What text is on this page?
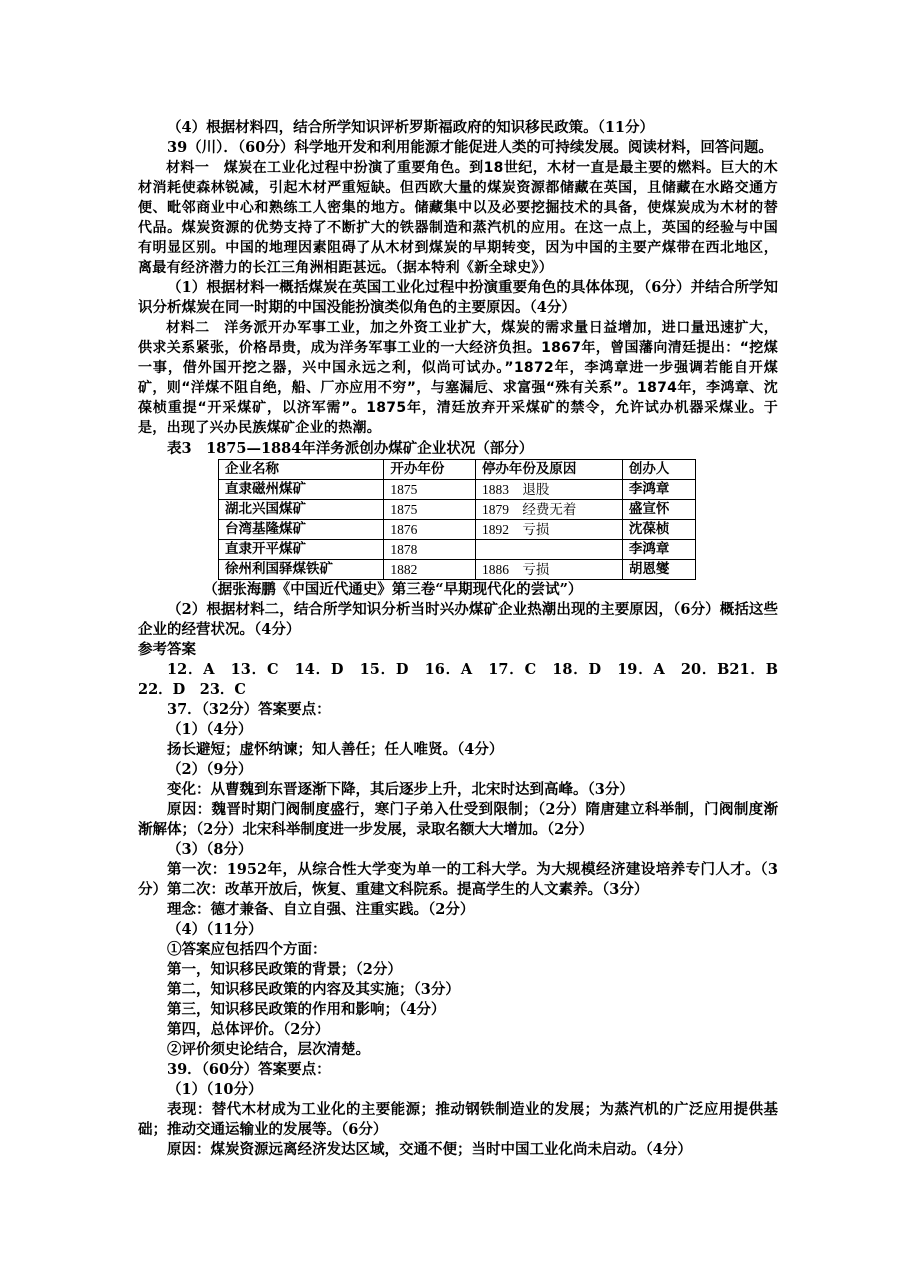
（4）根据材料四，结合所学知识评析罗斯福政府的知识移民政策。（11分）

39（川）．（60分）科学地开发和利用能源才能促进人类的可持续发展。阅读材料，回答问题。

材料一　煤炭在工业化过程中扮演了重要角色。到18世纪，木材一直是最主要的燃料。巨大的木材消耗使森林锐减，引起木材严重短缺。但西欧大量的煤炭资源都储藏在英国，且储藏在水路交通方便、毗邻商业中心和熟练工人密集的地方。储藏集中以及必要挖掘技术的具备，使煤炭成为木材的替代品。煤炭资源的优势支持了不断扩大的铁器制造和蒸汽机的应用。在这一点上，英国的经验与中国有明显区别。中国的地理因素阻碍了从木材到煤炭的早期转变，因为中国的主要产煤带在西北地区，离最有经济潜力的长江三角洲相距甚远。（据本特利《新全球史》）

（1）根据材料一概括煤炭在英国工业化过程中扮演重要角色的具体体现，（6分）并结合所学知识分析煤炭在同一时期的中国没能扮演类似角色的主要原因。（4分）

材料二　洋务派开办军事工业，加之外资工业扩大，煤炭的需求量日益增加，进口量迅速扩大，供求关系紧张，价格昂贵，成为洋务军事工业的一大经济负担。1867年，曾国藩向清廷提出：“挖煤一事，借外国开挖之器，兴中国永远之利，似尚可试办。”1872年，李鸿章进一步强调若能自开煤矿，则“洋煤不阻自绝，船、厂亦应用不穷”，与塞漏卮、求富强“殊有关系”。1874年，李鸿章、沈葆桢重提“开采煤矿，以济军需”。1875年，清廷放弃开采煤矿的禁令，允许试办机器采煤业。于是，出现了兴办民族煤矿企业的热潮。

表3　1875—1884年洋务派创办煤矿企业状况（部分）

企业名称	开办年份	停办年份及原因	创办人
直隶磁州煤矿	1875	1883　退股	李鸿章
湖北兴国煤矿	1875	1879　经费无着	盛宣怀
台湾基隆煤矿	1876	1892　亏损	沈葆桢
直隶开平煤矿	1878		李鸿章
徐州利国驿煤铁矿	1882	1886　亏损	胡恩燮

（据张海鹏《中国近代通史》第三卷“早期现代化的尝试”）

（2）根据材料二，结合所学知识分析当时兴办煤矿企业热潮出现的主要原因，（6分）概括这些企业的经营状况。（4分）

参考答案

12．A　13．C　14．D　15．D　16．A　17．C　18．D　19．A　20．B21．B　22．D　23．C

37．（32分）答案要点：

（1）（4分）

扬长避短；虚怀纳谏；知人善任；任人唯贤。（4分）

（2）（9分）

变化：从曹魏到东晋逐渐下降，其后逐步上升，北宋时达到高峰。（3分）

原因：魏晋时期门阀制度盛行，寒门子弟入仕受到限制；（2分）隋唐建立科举制，门阀制度渐渐解体；（2分）北宋科举制度进一步发展，录取名额大大增加。（2分）

（3）（8分）

第一次：1952年，从综合性大学变为单一的工科大学。为大规模经济建设培养专门人才。（3分）第二次：改革开放后，恢复、重建文科院系。提高学生的人文素养。（3分）

理念：德才兼备、自立自强、注重实践。（2分）

（4）（11分）

①答案应包括四个方面：

第一，知识移民政策的背景；（2分）

第二，知识移民政策的内容及其实施；（3分）

第三，知识移民政策的作用和影响；（4分）

第四，总体评价。（2分）

②评价须史论结合，层次清楚。

39．（60分）答案要点：

（1）（10分）

表现：替代木材成为工业化的主要能源；推动钢铁制造业的发展；为蒸汽机的广泛应用提供基础；推动交通运输业的发展等。（6分）

原因：煤炭资源远离经济发达区域，交通不便；当时中国工业化尚未启动。（4分）
